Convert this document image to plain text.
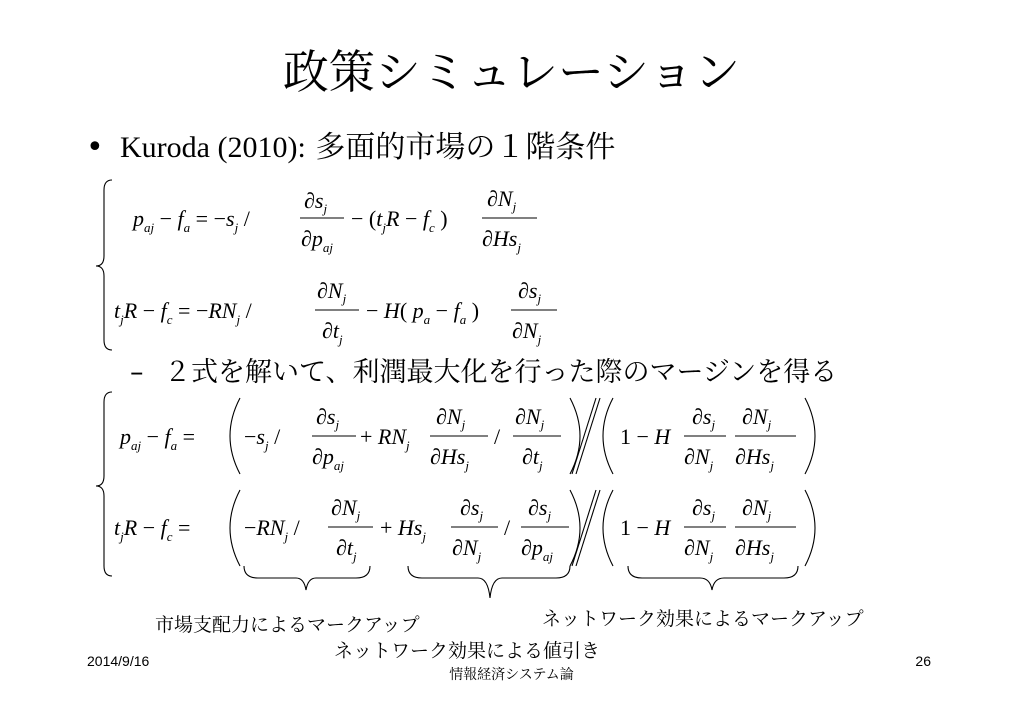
政策シミュレーション
• Kuroda (2010): 多面的市場の１階条件
– ２式を解いて、利潤最大化を行った際のマージンを得る
$p_{aj} - f_a = -s_j$ /
$\partial s_j$
$\partial p_{aj}$
− ($t_jR - f_c$ )
$\partial N_j$
$\partial Hs_j$
$t_jR - f_c = -RN_j$ /
$\partial N_j$
$\partial t_j$
− H( $p_a - f_a$ )
$\partial s_j$
$\partial N_j$
$p_{aj} - f_a = -s_j$ /
$\partial s_j$
$\partial p_{aj}$
+ $RN_j$
$\partial N_j$
$\partial Hs_j$
/
$\partial N_j$
$\partial t_j$
1 − H
$\partial s_j$
$\partial N_j$
$\partial N_j$
$\partial Hs_j$
$t_jR - f_c = -RN_j$ /
$\partial N_j$
$\partial t_j$
+ $Hs_j$
$\partial s_j$
$\partial N_j$
/
$\partial s_j$
$\partial p_{aj}$
1 − H
$\partial s_j$
$\partial N_j$
$\partial N_j$
$\partial Hs_j$
市場支配力によるマークアップ
ネットワーク効果による値引き
ネットワーク効果によるマークアップ
2014/9/16
情報経済システム論
26
